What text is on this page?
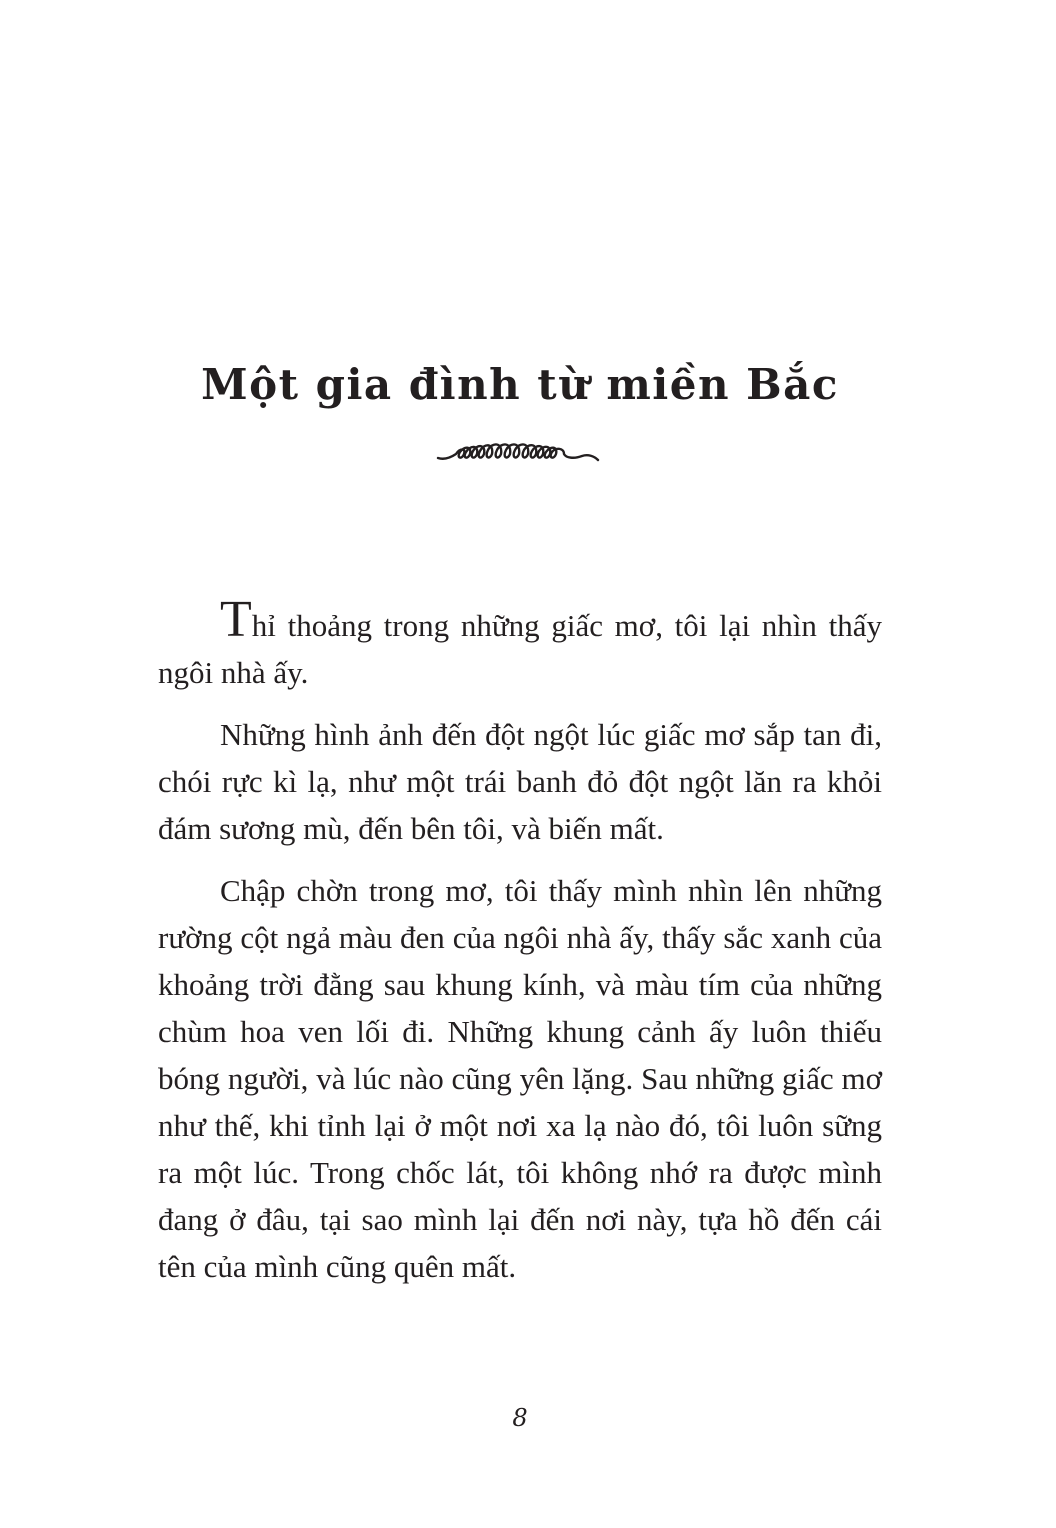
Một gia đình từ miền Bắc

Thỉ thoảng trong những giấc mơ, tôi lại nhìn thấy ngôi nhà ấy.

Những hình ảnh đến đột ngột lúc giấc mơ sắp tan đi, chói rực kì lạ, như một trái banh đỏ đột ngột lăn ra khỏi đám sương mù, đến bên tôi, và biến mất.

Chập chờn trong mơ, tôi thấy mình nhìn lên những rường cột ngả màu đen của ngôi nhà ấy, thấy sắc xanh của khoảng trời đằng sau khung kính, và màu tím của những chùm hoa ven lối đi. Những khung cảnh ấy luôn thiếu bóng người, và lúc nào cũng yên lặng. Sau những giấc mơ như thế, khi tỉnh lại ở một nơi xa lạ nào đó, tôi luôn sững ra một lúc. Trong chốc lát, tôi không nhớ ra được mình đang ở đâu, tại sao mình lại đến nơi này, tựa hồ đến cái tên của mình cũng quên mất.

8
